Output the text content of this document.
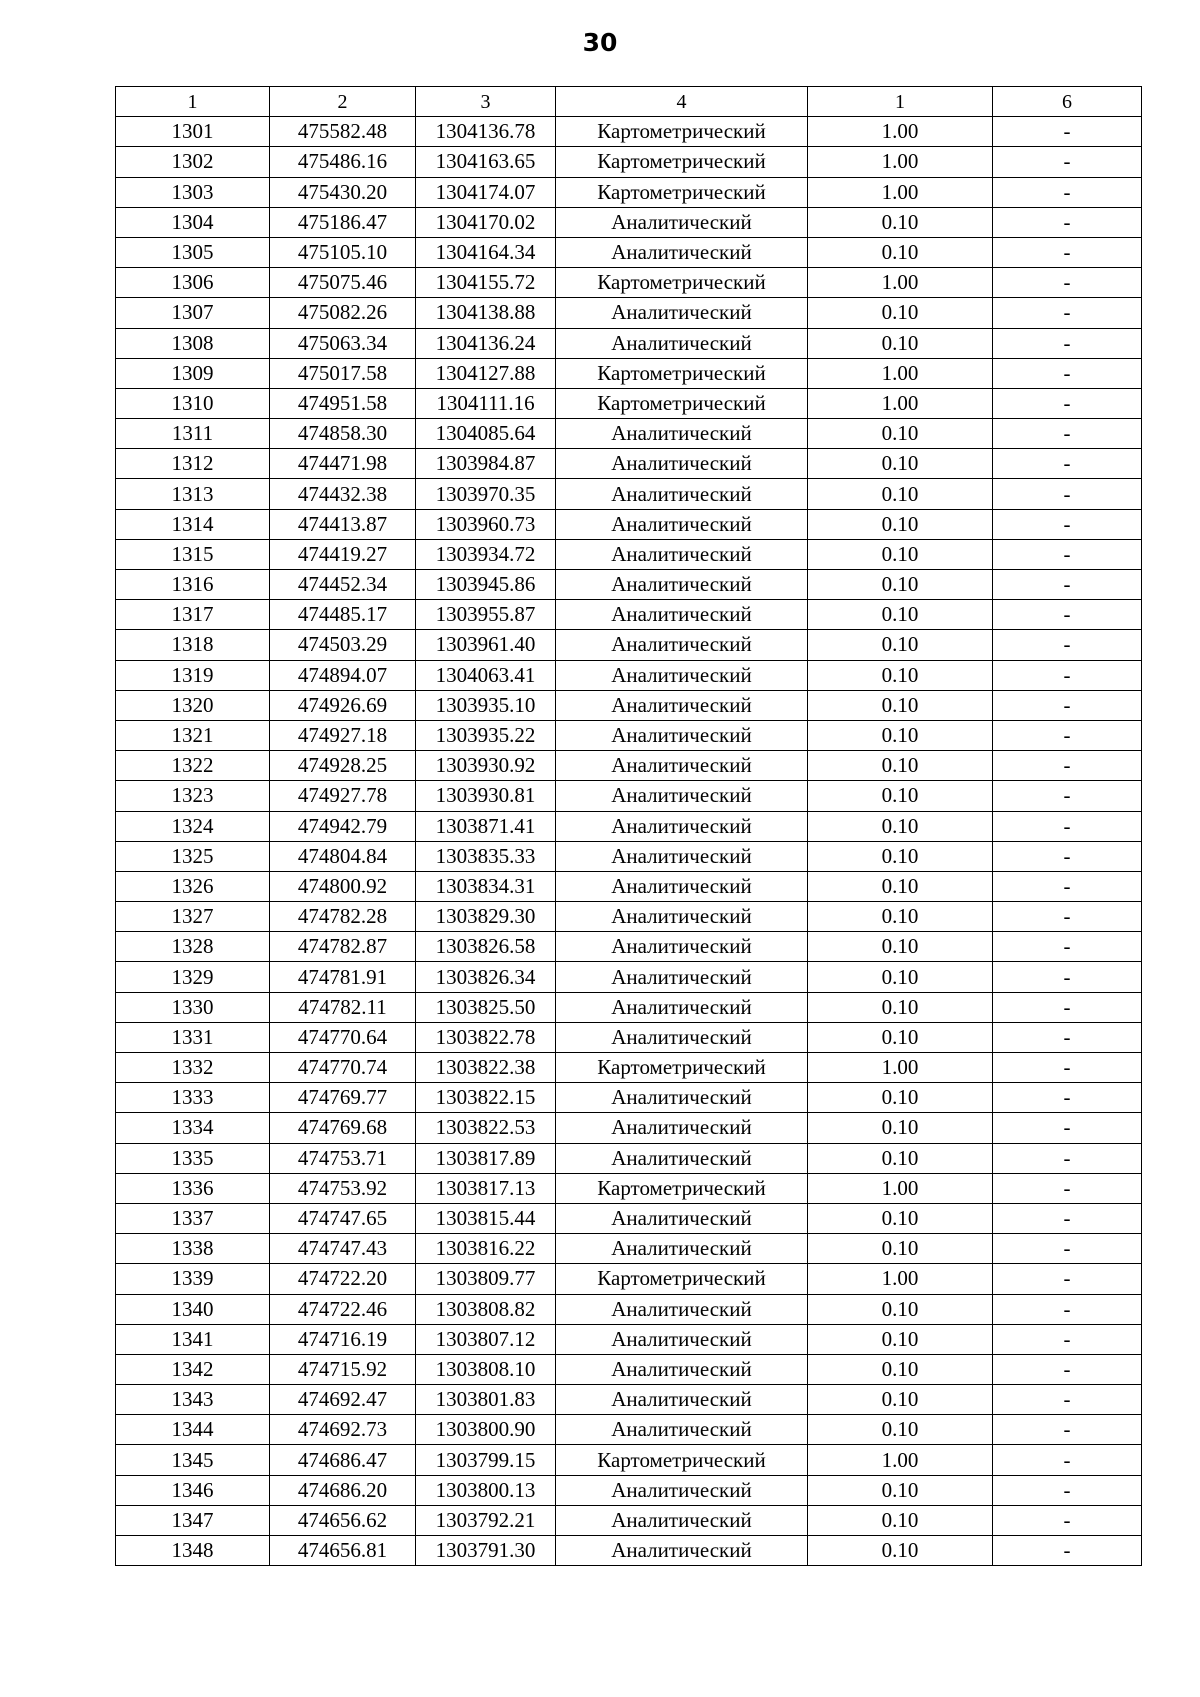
30
1	2	3	4	1	6
1301	475582.48	1304136.78	Картометрический	1.00	-
1302	475486.16	1304163.65	Картометрический	1.00	-
1303	475430.20	1304174.07	Картометрический	1.00	-
1304	475186.47	1304170.02	Аналитический	0.10	-
1305	475105.10	1304164.34	Аналитический	0.10	-
1306	475075.46	1304155.72	Картометрический	1.00	-
1307	475082.26	1304138.88	Аналитический	0.10	-
1308	475063.34	1304136.24	Аналитический	0.10	-
1309	475017.58	1304127.88	Картометрический	1.00	-
1310	474951.58	1304111.16	Картометрический	1.00	-
1311	474858.30	1304085.64	Аналитический	0.10	-
1312	474471.98	1303984.87	Аналитический	0.10	-
1313	474432.38	1303970.35	Аналитический	0.10	-
1314	474413.87	1303960.73	Аналитический	0.10	-
1315	474419.27	1303934.72	Аналитический	0.10	-
1316	474452.34	1303945.86	Аналитический	0.10	-
1317	474485.17	1303955.87	Аналитический	0.10	-
1318	474503.29	1303961.40	Аналитический	0.10	-
1319	474894.07	1304063.41	Аналитический	0.10	-
1320	474926.69	1303935.10	Аналитический	0.10	-
1321	474927.18	1303935.22	Аналитический	0.10	-
1322	474928.25	1303930.92	Аналитический	0.10	-
1323	474927.78	1303930.81	Аналитический	0.10	-
1324	474942.79	1303871.41	Аналитический	0.10	-
1325	474804.84	1303835.33	Аналитический	0.10	-
1326	474800.92	1303834.31	Аналитический	0.10	-
1327	474782.28	1303829.30	Аналитический	0.10	-
1328	474782.87	1303826.58	Аналитический	0.10	-
1329	474781.91	1303826.34	Аналитический	0.10	-
1330	474782.11	1303825.50	Аналитический	0.10	-
1331	474770.64	1303822.78	Аналитический	0.10	-
1332	474770.74	1303822.38	Картометрический	1.00	-
1333	474769.77	1303822.15	Аналитический	0.10	-
1334	474769.68	1303822.53	Аналитический	0.10	-
1335	474753.71	1303817.89	Аналитический	0.10	-
1336	474753.92	1303817.13	Картометрический	1.00	-
1337	474747.65	1303815.44	Аналитический	0.10	-
1338	474747.43	1303816.22	Аналитический	0.10	-
1339	474722.20	1303809.77	Картометрический	1.00	-
1340	474722.46	1303808.82	Аналитический	0.10	-
1341	474716.19	1303807.12	Аналитический	0.10	-
1342	474715.92	1303808.10	Аналитический	0.10	-
1343	474692.47	1303801.83	Аналитический	0.10	-
1344	474692.73	1303800.90	Аналитический	0.10	-
1345	474686.47	1303799.15	Картометрический	1.00	-
1346	474686.20	1303800.13	Аналитический	0.10	-
1347	474656.62	1303792.21	Аналитический	0.10	-
1348	474656.81	1303791.30	Аналитический	0.10	-
